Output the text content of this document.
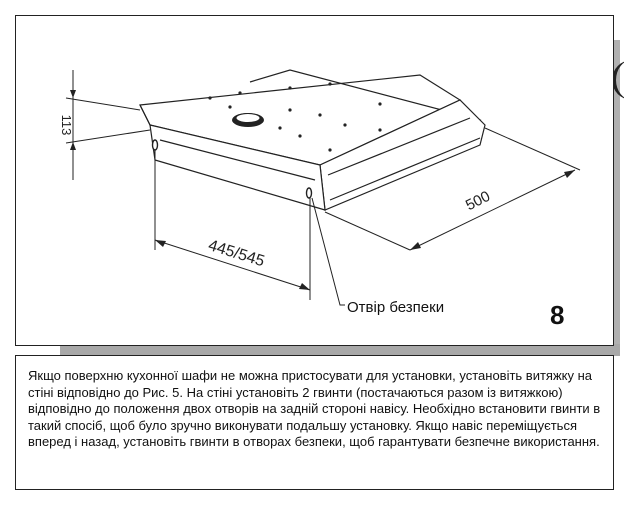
113
445/545
500
Отвір безпеки	8

Якщо поверхню кухонної шафи не можна пристосувати для установки, установіть витяжку на стіні відповідно до Рис. 5. На стіні установіть 2 гвинти (постачаються разом із витяжкою) відповідно до положення двох отворів на задній стороні навісу. Необхідно встановити гвинти в такий спосіб, щоб було зручно виконувати подальшу установку. Якщо навіс переміщується вперед і назад, установіть гвинти в отворах безпеки, щоб гарантувати безпечне використання.
